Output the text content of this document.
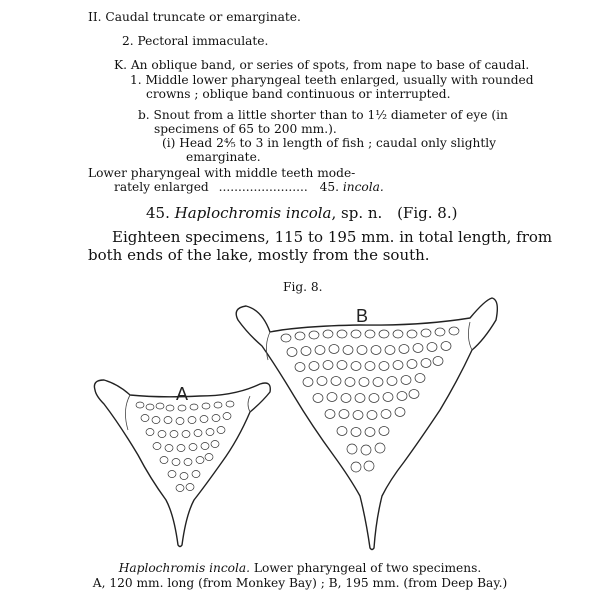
II. Caudal truncate or emarginate.
2. Pectoral immaculate.
K. An oblique band, or series of spots, from nape to base of caudal.
1. Middle lower pharyngeal teeth enlarged, usually with rounded
crowns ; oblique band continuous or interrupted.
b. Snout from a little shorter than to 1½ diameter of eye (in
specimens of 65 to 200 mm.).
(i) Head 2⅘ to 3 in length of fish ; caudal only slightly
emarginate.
Lower pharyngeal with middle teeth mode-
rately enlarged ....................... 45. incola.
45. Haplochromis incola, sp. n. (Fig. 8.)
Eighteen specimens, 115 to 195 mm. in total length, from
both ends of the lake, mostly from the south.
Fig. 8.
A
B
Haplochromis incola. Lower pharyngeal of two specimens.
A, 120 mm. long (from Monkey Bay) ; B, 195 mm. (from Deep Bay.)
